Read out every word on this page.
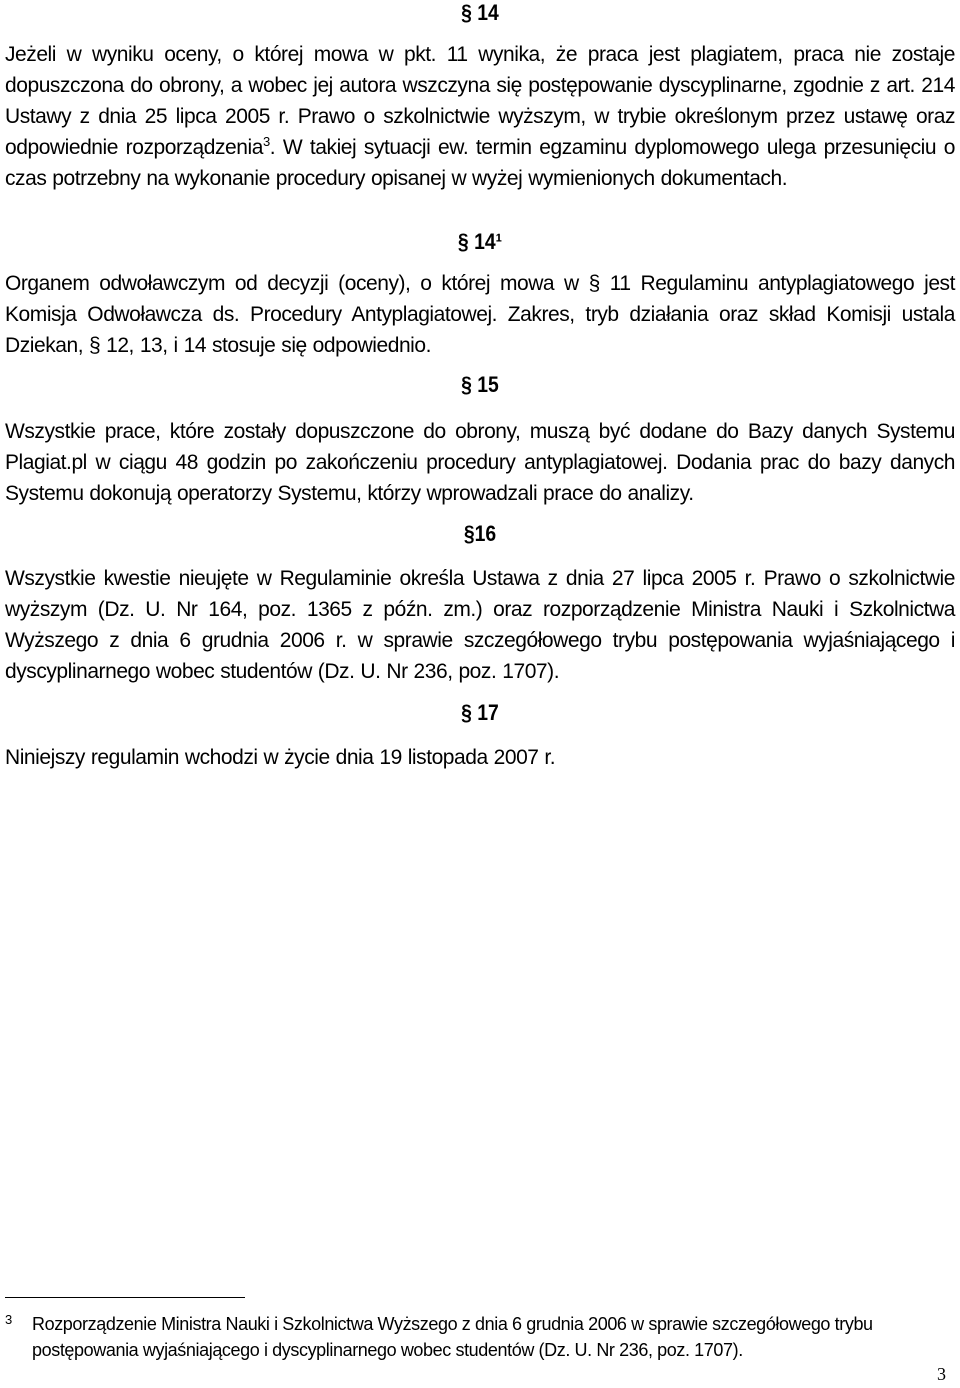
§ 14
Jeżeli w wyniku oceny, o której mowa w pkt. 11 wynika, że praca jest plagiatem, praca nie zostaje dopuszczona do obrony, a wobec jej autora wszczyna się postępowanie dyscyplinarne, zgodnie z art. 214 Ustawy z dnia 25 lipca 2005 r. Prawo o szkolnictwie wyższym, w trybie określonym przez ustawę oraz odpowiednie rozporządzenia$^3$. W takiej sytuacji ew. termin egzaminu dyplomowego ulega przesunięciu o czas potrzebny na wykonanie procedury opisanej w wyżej wymienionych dokumentach.
§ 14¹
Organem odwoławczym od decyzji (oceny), o której mowa w § 11 Regulaminu antyplagiatowego jest Komisja Odwoławcza ds. Procedury Antyplagiatowej. Zakres, tryb działania oraz skład Komisji ustala Dziekan, § 12, 13, i 14 stosuje się odpowiednio.
§ 15
Wszystkie prace, które zostały dopuszczone do obrony, muszą być dodane do Bazy danych Systemu Plagiat.pl w ciągu 48 godzin po zakończeniu procedury antyplagiatowej. Dodania prac do bazy danych Systemu dokonują operatorzy Systemu, którzy wprowadzali prace do analizy.
§16
Wszystkie kwestie nieujęte w Regulaminie określa Ustawa z dnia 27 lipca 2005 r. Prawo o szkolnictwie wyższym (Dz. U. Nr 164, poz. 1365 z późn. zm.) oraz rozporządzenie Ministra Nauki i Szkolnictwa Wyższego z dnia 6 grudnia 2006 r. w sprawie szczegółowego trybu postępowania wyjaśniającego i dyscyplinarnego wobec studentów (Dz. U. Nr 236, poz. 1707).
§ 17
Niniejszy regulamin wchodzi w życie dnia 19 listopada 2007 r.
3 Rozporządzenie Ministra Nauki i Szkolnictwa Wyższego z dnia 6 grudnia 2006 w sprawie szczegółowego trybu postępowania wyjaśniającego i dyscyplinarnego wobec studentów (Dz. U. Nr 236, poz. 1707).
3
